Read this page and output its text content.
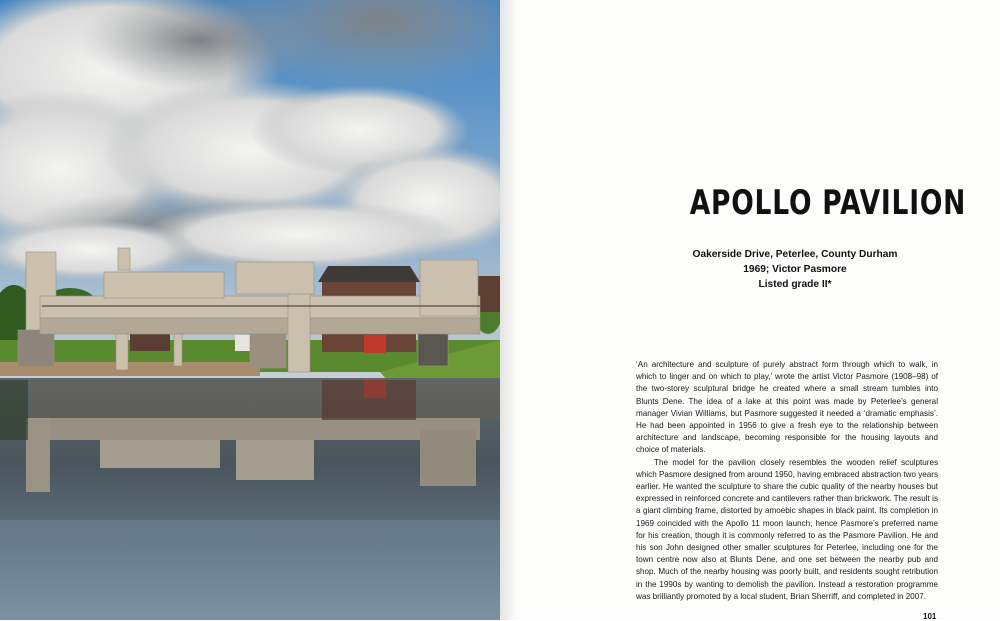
APOLLO PAVILION
Oakerside Drive, Peterlee, County Durham
1969; Victor Pasmore
Listed grade II*

‘An architecture and sculpture of purely abstract form through which to walk, in which to linger and on which to play,’ wrote the artist Victor Pasmore (1908–98) of the two-storey sculptural bridge he created where a small stream tumbles into Blunts Dene. The idea of a lake at this point was made by Peterlee’s general manager Vivian Williams, but Pasmore suggested it needed a ‘dramatic emphasis’. He had been appointed in 1956 to give a fresh eye to the relationship between architecture and landscape, becoming responsible for the housing layouts and choice of materials.

The model for the pavilion closely resembles the wooden relief sculptures which Pasmore designed from around 1950, having embraced abstraction two years earlier. He wanted the sculpture to share the cubic quality of the nearby houses but expressed in reinforced concrete and cantilevers rather than brickwork. The result is a giant climbing frame, distorted by amoebic shapes in black paint. Its completion in 1969 coincided with the Apollo 11 moon launch, hence Pasmore’s preferred name for his creation, though it is commonly referred to as the Pasmore Pavilion. He and his son John designed other smaller sculptures for Peterlee, including one for the town centre now also at Blunts Dene, and one set between the nearby pub and shop. Much of the nearby housing was poorly built, and residents sought retribution in the 1990s by wanting to demolish the pavilion. Instead a restoration programme was brilliantly promoted by a local student, Brian Sherriff, and completed in 2007.

101
